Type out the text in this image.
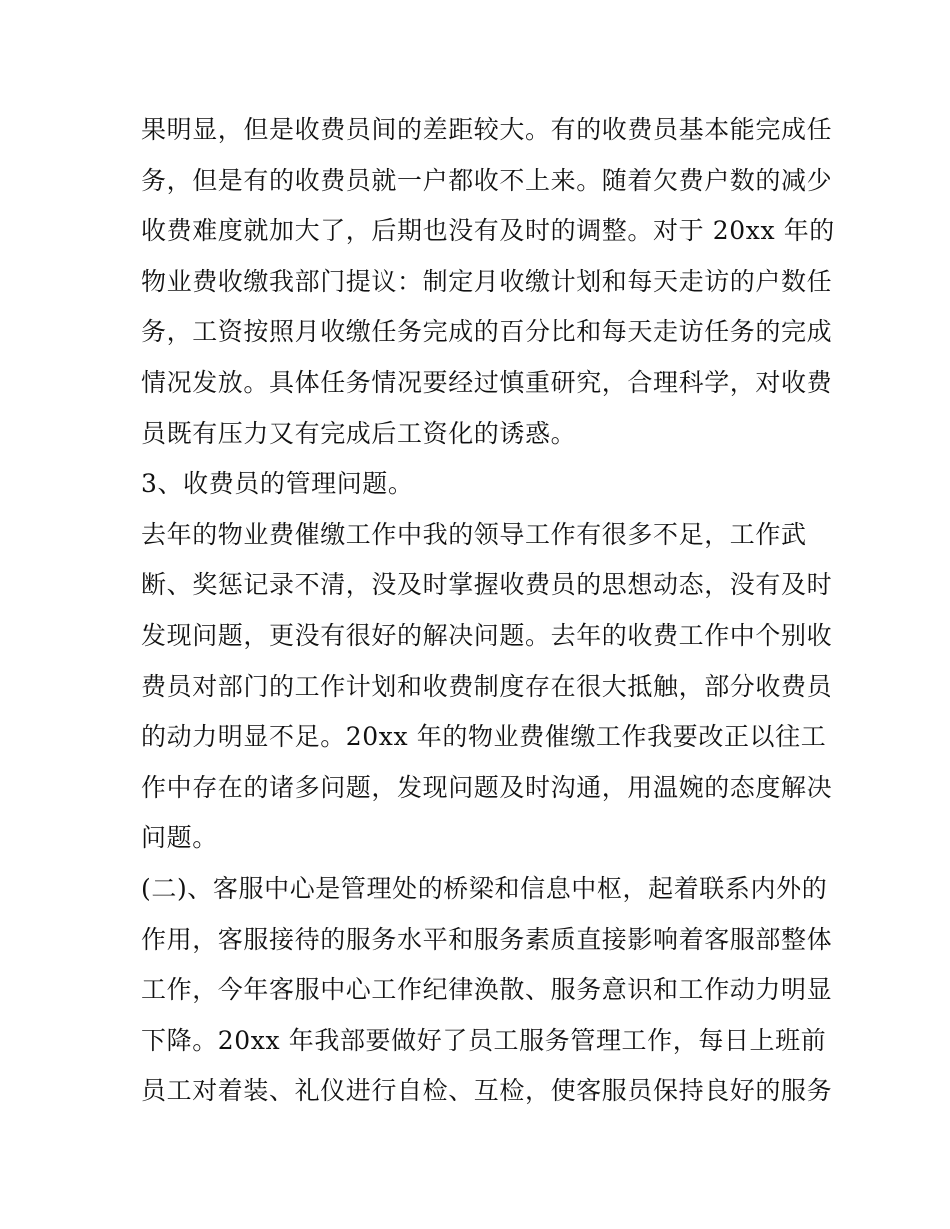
果明显，但是收费员间的差距较大。有的收费员基本能完成任
务，但是有的收费员就一户都收不上来。随着欠费户数的减少
收费难度就加大了，后期也没有及时的调整。对于 20xx 年的
物业费收缴我部门提议：制定月收缴计划和每天走访的户数任
务，工资按照月收缴任务完成的百分比和每天走访任务的完成
情况发放。具体任务情况要经过慎重研究，合理科学，对收费
员既有压力又有完成后工资化的诱惑。
3、收费员的管理问题。
去年的物业费催缴工作中我的领导工作有很多不足，工作武
断、奖惩记录不清，没及时掌握收费员的思想动态，没有及时
发现问题，更没有很好的解决问题。去年的收费工作中个别收
费员对部门的工作计划和收费制度存在很大抵触，部分收费员
的动力明显不足。20xx 年的物业费催缴工作我要改正以往工
作中存在的诸多问题，发现问题及时沟通，用温婉的态度解决
问题。
(二)、客服中心是管理处的桥梁和信息中枢，起着联系内外的
作用，客服接待的服务水平和服务素质直接影响着客服部整体
工作，今年客服中心工作纪律涣散、服务意识和工作动力明显
下降。20xx 年我部要做好了员工服务管理工作，每日上班前
员工对着装、礼仪进行自检、互检，使客服员保持良好的服务
